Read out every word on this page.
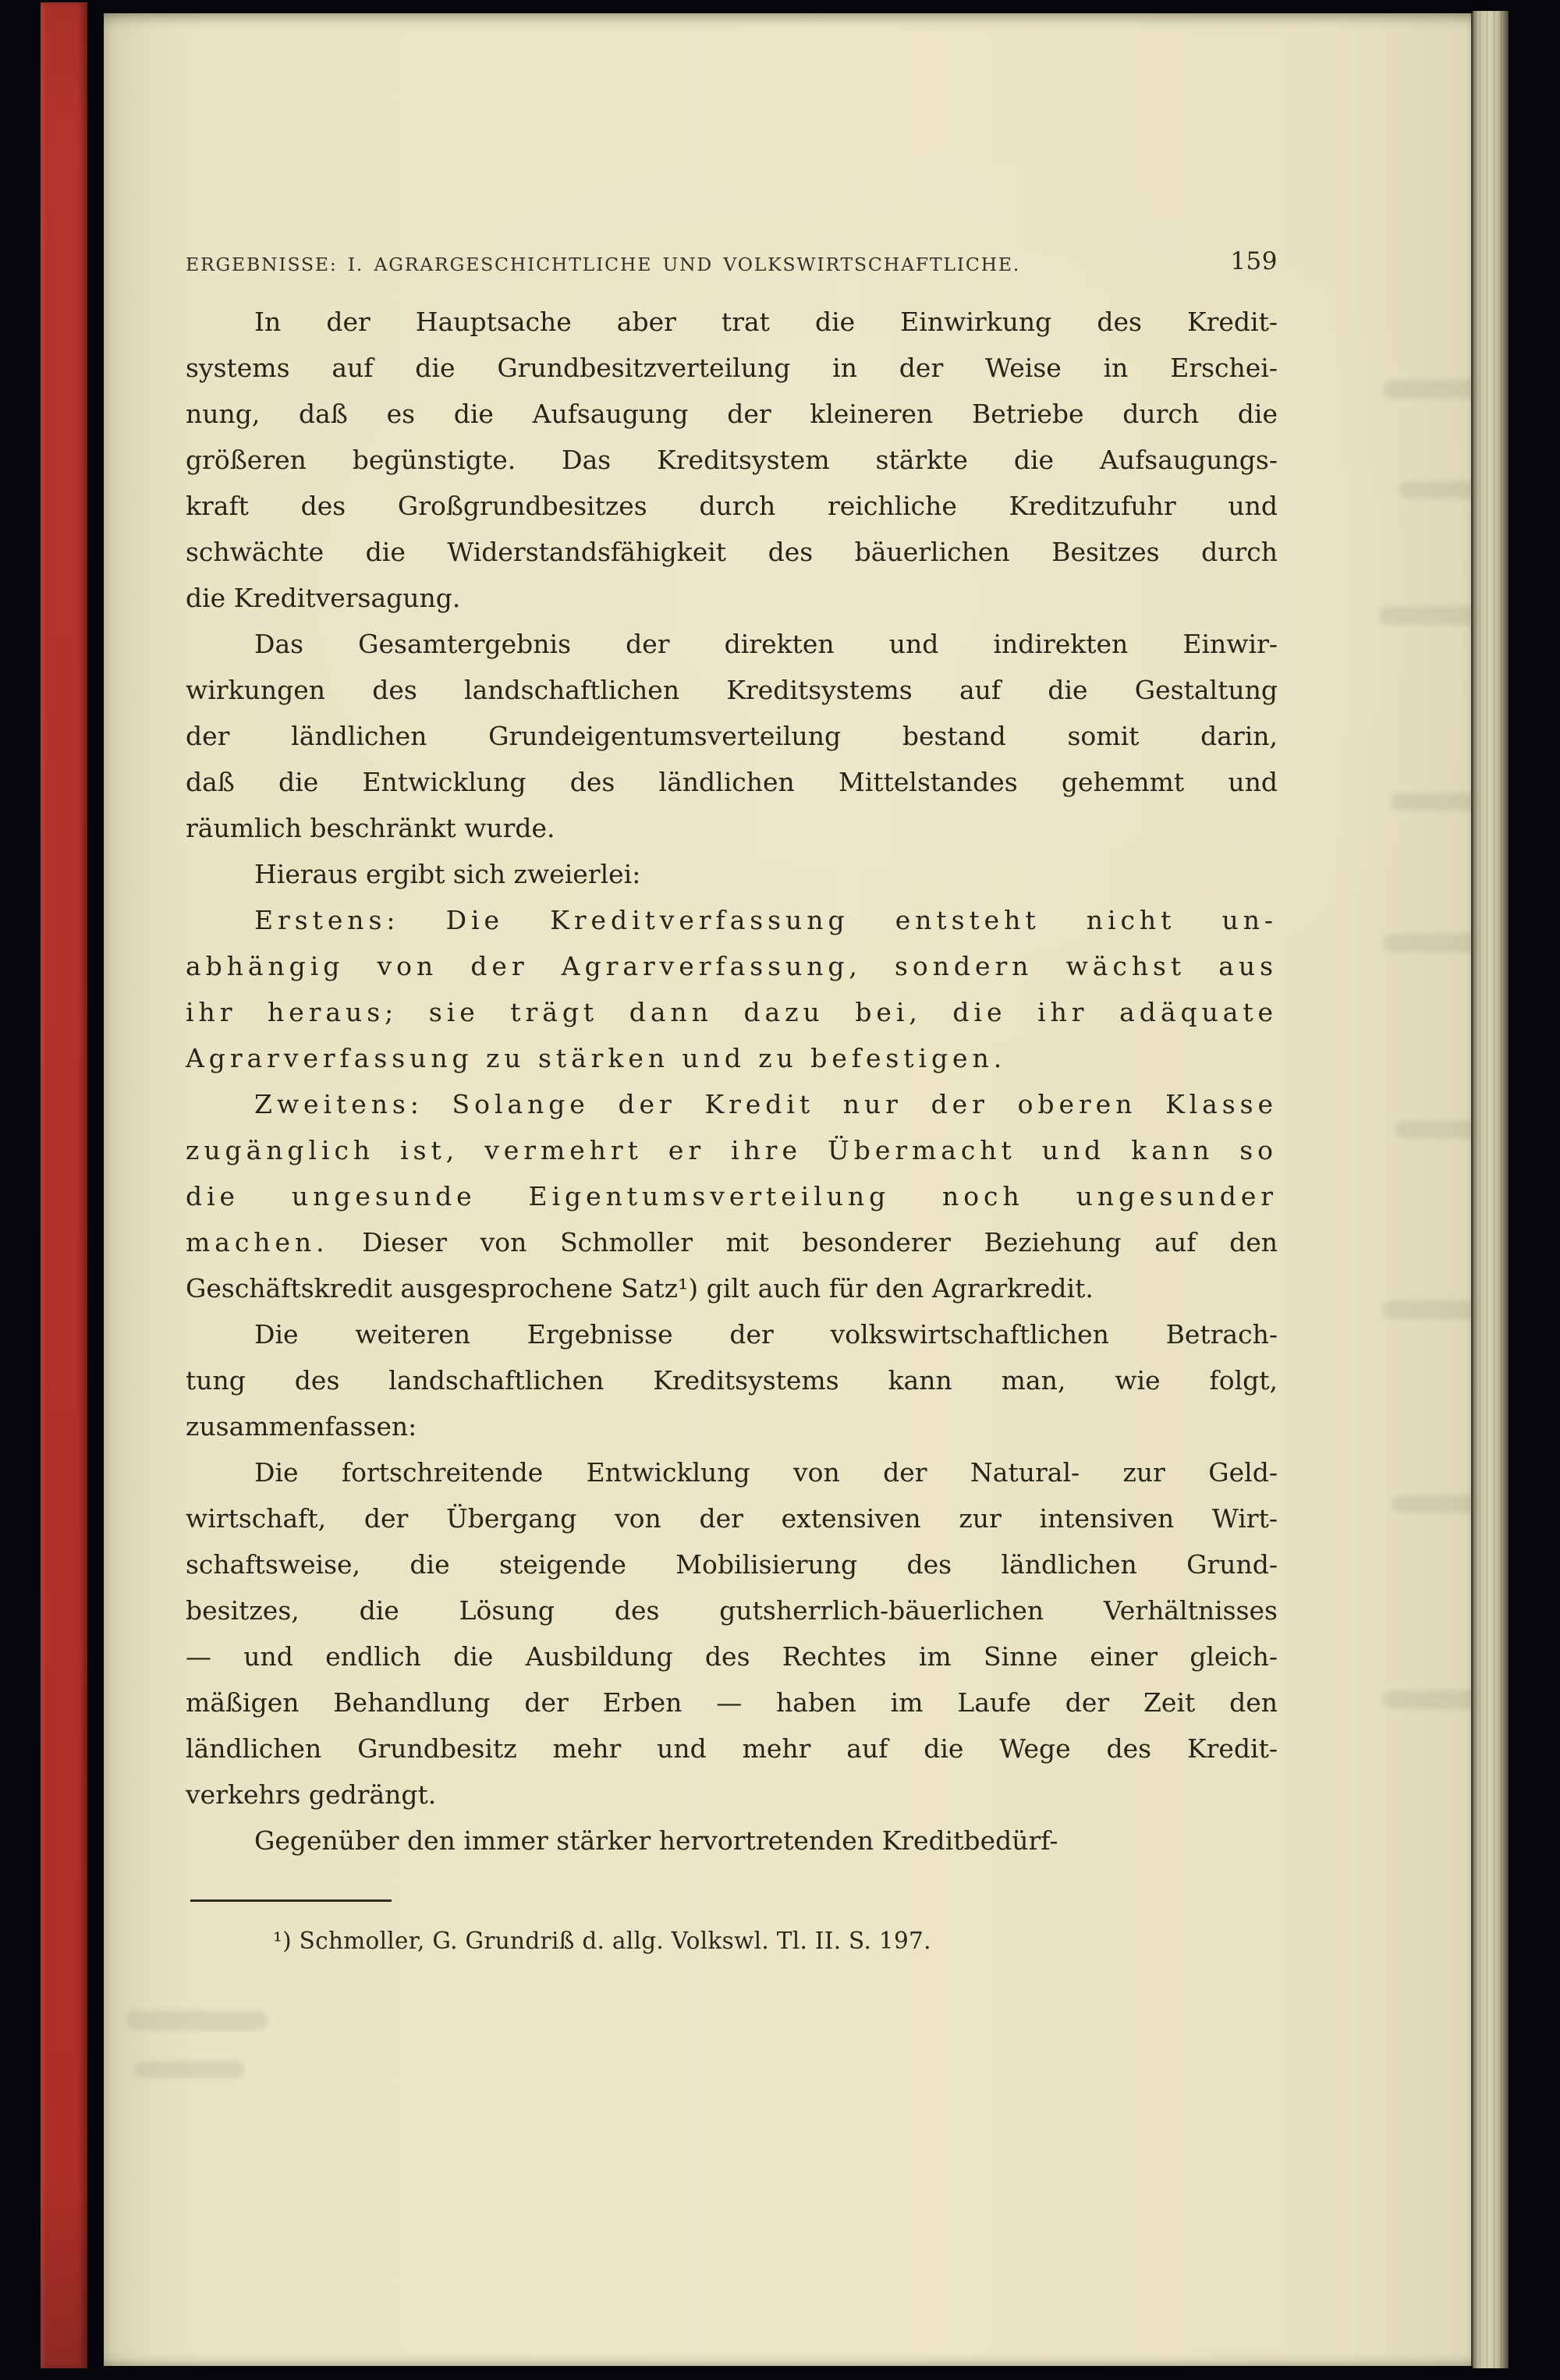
ERGEBNISSE: I. AGRARGESCHICHTLICHE UND VOLKSWIRTSCHAFTLICHE.	159
In der Hauptsache aber trat die Einwirkung des Kredit-
systems auf die Grundbesitzverteilung in der Weise in Erschei-
nung, daß es die Aufsaugung der kleineren Betriebe durch die
größeren begünstigte. Das Kreditsystem stärkte die Aufsaugungs-
kraft des Großgrundbesitzes durch reichliche Kreditzufuhr und
schwächte die Widerstandsfähigkeit des bäuerlichen Besitzes durch
die Kreditversagung.
Das Gesamtergebnis der direkten und indirekten Einwir-
wirkungen des landschaftlichen Kreditsystems auf die Gestaltung
der ländlichen Grundeigentumsverteilung bestand somit darin,
daß die Entwicklung des ländlichen Mittelstandes gehemmt und
räumlich beschränkt wurde.
Hieraus ergibt sich zweierlei:
Erstens: Die Kreditverfassung entsteht nicht un-
abhängig von der Agrarverfassung, sondern wächst aus
ihr heraus; sie trägt dann dazu bei, die ihr adäquate
Agrarverfassung zu stärken und zu befestigen.
Zweitens: Solange der Kredit nur der oberen Klasse
zugänglich ist, vermehrt er ihre Übermacht und kann so
die ungesunde Eigentumsverteilung noch ungesunder
machen. Dieser von Schmoller mit besonderer Beziehung auf den
Geschäftskredit ausgesprochene Satz¹) gilt auch für den Agrarkredit.
Die weiteren Ergebnisse der volkswirtschaftlichen Betrach-
tung des landschaftlichen Kreditsystems kann man, wie folgt,
zusammenfassen:
Die fortschreitende Entwicklung von der Natural- zur Geld-
wirtschaft, der Übergang von der extensiven zur intensiven Wirt-
schaftsweise, die steigende Mobilisierung des ländlichen Grund-
besitzes, die Lösung des gutsherrlich-bäuerlichen Verhältnisses
— und endlich die Ausbildung des Rechtes im Sinne einer gleich-
mäßigen Behandlung der Erben — haben im Laufe der Zeit den
ländlichen Grundbesitz mehr und mehr auf die Wege des Kredit-
verkehrs gedrängt.
Gegenüber den immer stärker hervortretenden Kreditbedürf-
¹) Schmoller, G. Grundriß d. allg. Volkswl. Tl. II. S. 197.
